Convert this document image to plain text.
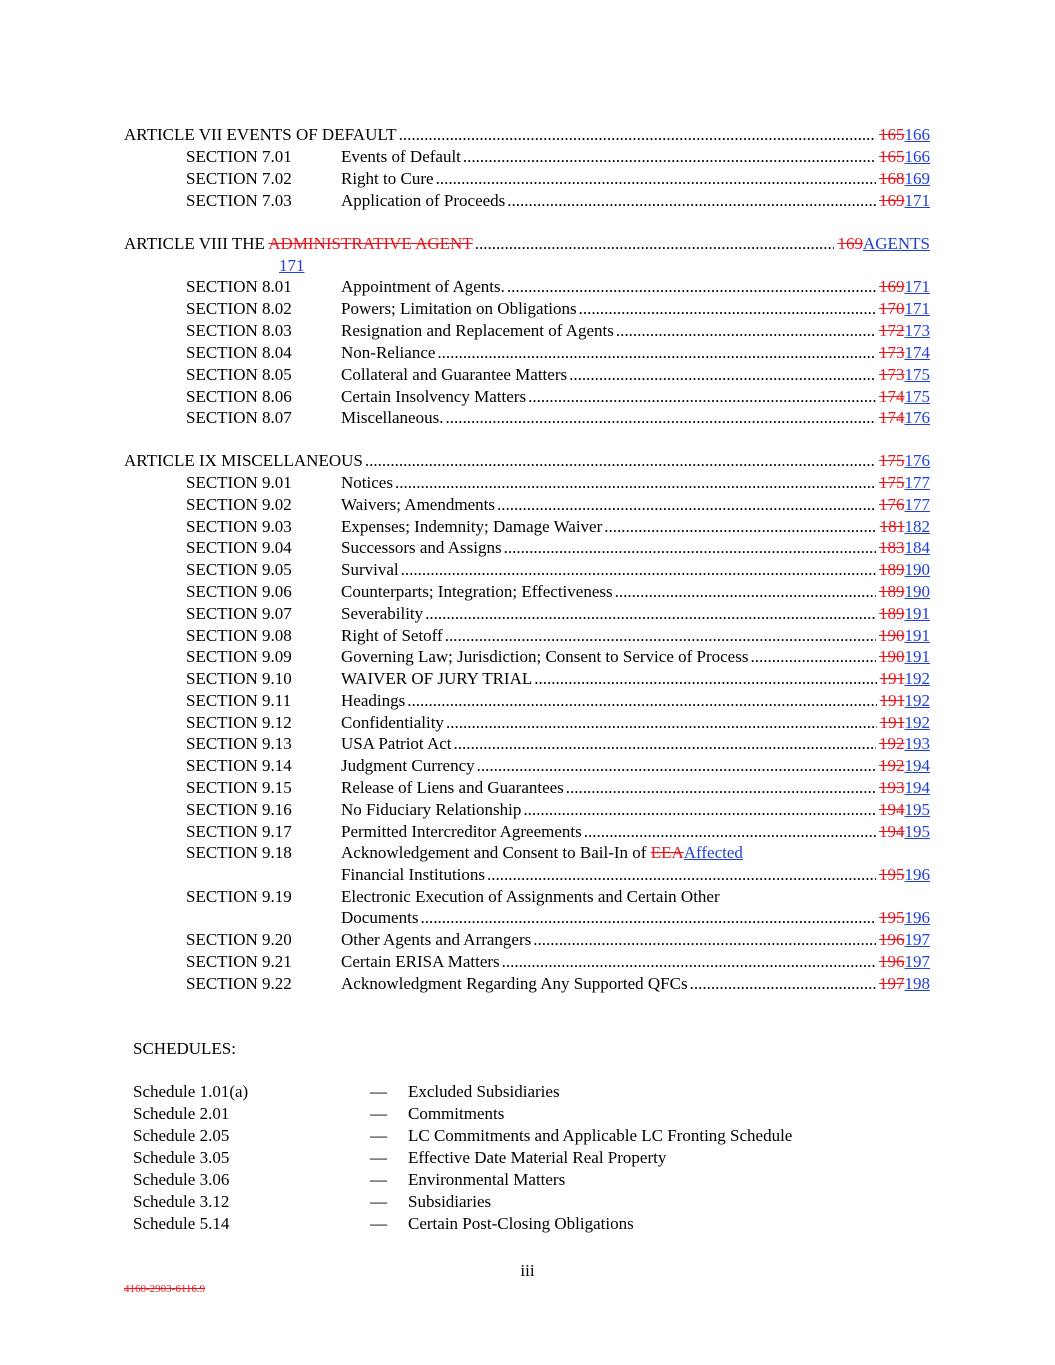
ARTICLE VII EVENTS OF DEFAULT .....	165166
SECTION 7.01	Events of Default .....	165166
SECTION 7.02	Right to Cure .....	168169
SECTION 7.03	Application of Proceeds .....	169171
ARTICLE VIII THE ADMINISTRATIVE AGENT .....	169AGENTS
171
SECTION 8.01	Appointment of Agents. .....	169171
SECTION 8.02	Powers; Limitation on Obligations .....	170171
SECTION 8.03	Resignation and Replacement of Agents .....	172173
SECTION 8.04	Non-Reliance .....	173174
SECTION 8.05	Collateral and Guarantee Matters .....	173175
SECTION 8.06	Certain Insolvency Matters .....	174175
SECTION 8.07	Miscellaneous. .....	174176
ARTICLE IX MISCELLANEOUS .....	175176
SECTION 9.01	Notices .....	175177
SECTION 9.02	Waivers; Amendments .....	176177
SECTION 9.03	Expenses; Indemnity; Damage Waiver .....	181182
SECTION 9.04	Successors and Assigns .....	183184
SECTION 9.05	Survival .....	189190
SECTION 9.06	Counterparts; Integration; Effectiveness .....	189190
SECTION 9.07	Severability .....	189191
SECTION 9.08	Right of Setoff .....	190191
SECTION 9.09	Governing Law; Jurisdiction; Consent to Service of Process .....	190191
SECTION 9.10	WAIVER OF JURY TRIAL .....	191192
SECTION 9.11	Headings .....	191192
SECTION 9.12	Confidentiality .....	191192
SECTION 9.13	USA Patriot Act .....	192193
SECTION 9.14	Judgment Currency .....	192194
SECTION 9.15	Release of Liens and Guarantees .....	193194
SECTION 9.16	No Fiduciary Relationship .....	194195
SECTION 9.17	Permitted Intercreditor Agreements .....	194195
SECTION 9.18	Acknowledgement and Consent to Bail-In of EEAAffected
Financial Institutions .....	195196
SECTION 9.19	Electronic Execution of Assignments and Certain Other
Documents .....	195196
SECTION 9.20	Other Agents and Arrangers .....	196197
SECTION 9.21	Certain ERISA Matters .....	196197
SECTION 9.22	Acknowledgment Regarding Any Supported QFCs .....	197198
SCHEDULES:
Schedule 1.01(a)	— Excluded Subsidiaries
Schedule 2.01	— Commitments
Schedule 2.05	— LC Commitments and Applicable LC Fronting Schedule
Schedule 3.05	— Effective Date Material Real Property
Schedule 3.06	— Environmental Matters
Schedule 3.12	— Subsidiaries
Schedule 5.14	— Certain Post-Closing Obligations
iii
4160-2903-6116.9
